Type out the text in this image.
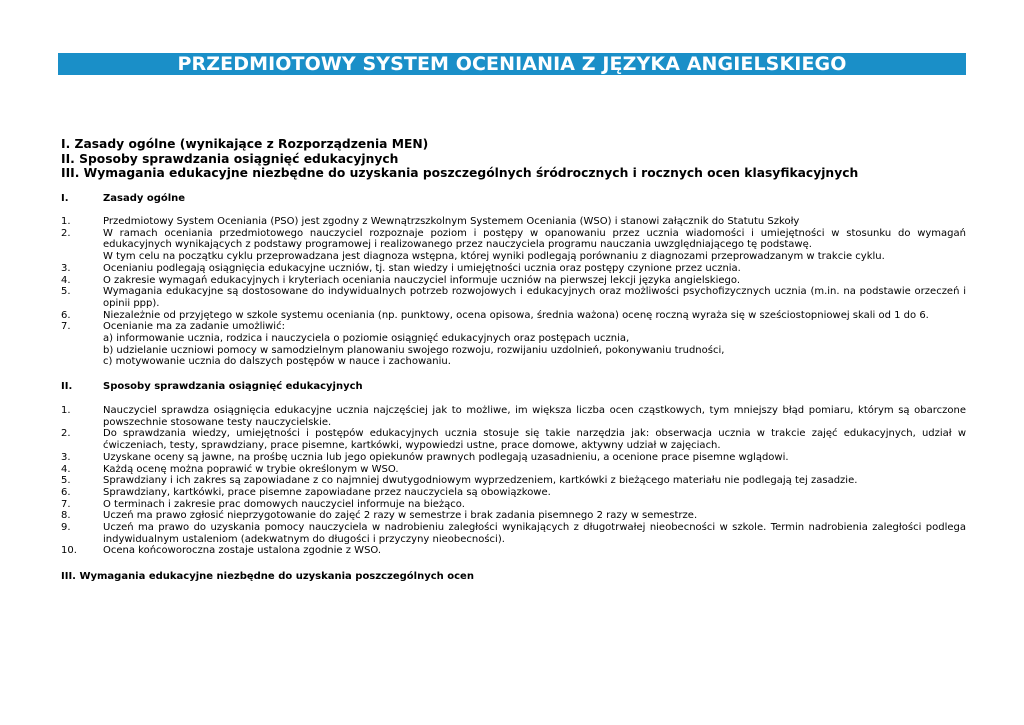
PRZEDMIOTOWY SYSTEM OCENIANIA Z JĘZYKA ANGIELSKIEGO
I. Zasady ogólne (wynikające z Rozporządzenia MEN)
II. Sposoby sprawdzania osiągnięć edukacyjnych
III. Wymagania edukacyjne niezbędne do uzyskania poszczególnych śródrocznych i rocznych ocen klasyfikacyjnych
I.	Zasady ogólne
1.	Przedmiotowy System Oceniania (PSO) jest zgodny z Wewnątrzszkolnym Systemem Oceniania (WSO) i stanowi załącznik do Statutu Szkoły
2.	W ramach oceniania przedmiotowego nauczyciel rozpoznaje poziom i postępy w opanowaniu przez ucznia wiadomości i umiejętności w stosunku do wymagań edukacyjnych wynikających z podstawy programowej i realizowanego przez nauczyciela programu nauczania uwzględniającego tę podstawę.
W tym celu na początku cyklu przeprowadzana jest diagnoza wstępna, której wyniki podlegają porównaniu z diagnozami przeprowadzanym w trakcie cyklu.
3.	Ocenianiu podlegają osiągnięcia edukacyjne uczniów, tj. stan wiedzy i umiejętności ucznia oraz postępy czynione przez ucznia.
4.	O zakresie wymagań edukacyjnych i kryteriach oceniania nauczyciel informuje uczniów na pierwszej lekcji języka angielskiego.
5.	Wymagania edukacyjne są dostosowane do indywidualnych potrzeb rozwojowych i edukacyjnych oraz możliwości psychofizycznych ucznia (m.in. na podstawie orzeczeń i opinii ppp).
6.	Niezależnie od przyjętego w szkole systemu oceniania (np. punktowy, ocena opisowa, średnia ważona) ocenę roczną wyraża się w sześciostopniowej skali od 1 do 6.
7.	Ocenianie ma za zadanie umożliwić:
a) informowanie ucznia, rodzica i nauczyciela o poziomie osiągnięć edukacyjnych oraz postępach ucznia,
b) udzielanie uczniowi pomocy w samodzielnym planowaniu swojego rozwoju, rozwijaniu uzdolnień, pokonywaniu trudności,
c) motywowanie ucznia do dalszych postępów w nauce i zachowaniu.
II.	Sposoby sprawdzania osiągnięć edukacyjnych
1.	Nauczyciel sprawdza osiągnięcia edukacyjne ucznia najczęściej jak to możliwe, im większa liczba ocen cząstkowych, tym mniejszy błąd pomiaru, którym są obarczone powszechnie stosowane testy nauczycielskie.
2.	Do sprawdzania wiedzy, umiejętności i postępów edukacyjnych ucznia stosuje się takie narzędzia jak: obserwacja ucznia w trakcie zajęć edukacyjnych, udział w ćwiczeniach, testy, sprawdziany, prace pisemne, kartkówki, wypowiedzi ustne, prace domowe, aktywny udział w zajęciach.
3.	Uzyskane oceny są jawne, na prośbę ucznia lub jego opiekunów prawnych podlegają uzasadnieniu, a ocenione prace pisemne wglądowi.
4.	Każdą ocenę można poprawić w trybie określonym w WSO.
5.	Sprawdziany i ich zakres są zapowiadane z co najmniej dwutygodniowym wyprzedzeniem, kartkówki z bieżącego materiału nie podlegają tej zasadzie.
6.	Sprawdziany, kartkówki, prace pisemne zapowiadane przez nauczyciela są obowiązkowe.
7.	O terminach i zakresie prac domowych nauczyciel informuje na bieżąco.
8.	Uczeń ma prawo zgłosić nieprzygotowanie do zajęć 2 razy w semestrze i brak zadania pisemnego 2 razy w semestrze.
9.	Uczeń ma prawo do uzyskania pomocy nauczyciela w nadrobieniu zaległości wynikających z długotrwałej nieobecności w szkole. Termin nadrobienia zaległości podlega indywidualnym ustaleniom (adekwatnym do długości i przyczyny nieobecności).
10.	Ocena końcoworoczna zostaje ustalona zgodnie z WSO.
III. Wymagania edukacyjne niezbędne do uzyskania poszczególnych ocen
